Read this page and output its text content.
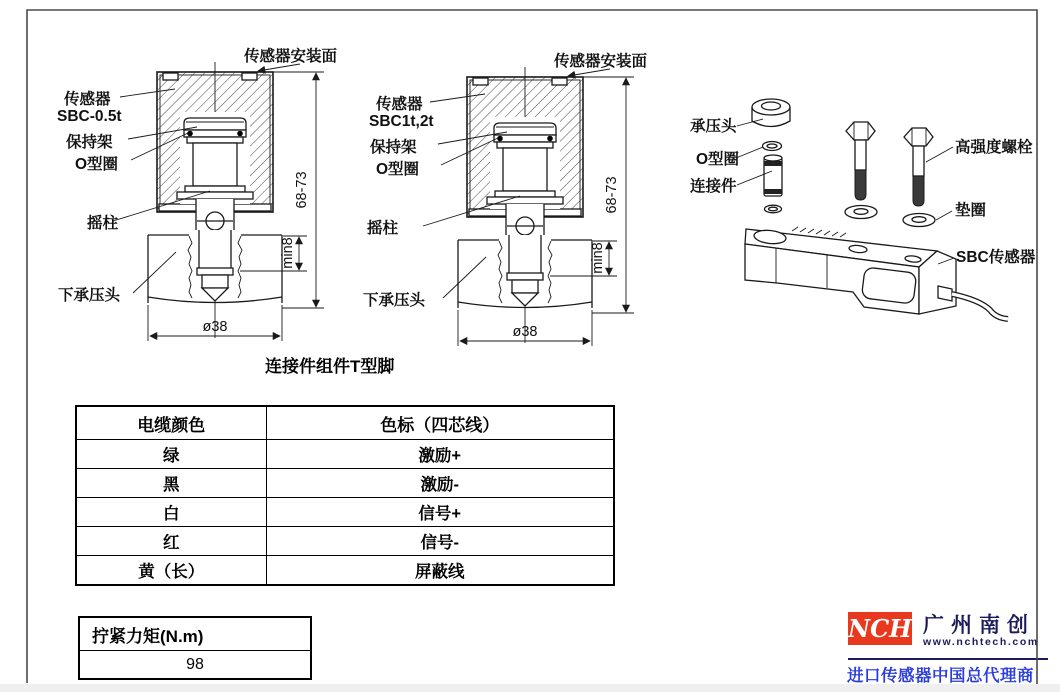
连接件组件T型脚
电缆颜色	色标（四芯线）
绿	激励+
黑	激励-
白	信号+
红	信号-
黄（长）	屏蔽线
拧紧力矩(N.m)
98
NCH 广州南创
www.nchtech.com
进口传感器中国总代理商
68-73
min8
ø38
传感器安装面
传感器
SBC-0.5t
保持架
O型圈
摇柱
下承压头
68-73
min8
ø38
传感器安装面
传感器
SBC1t,2t
保持架
O型圈
摇柱
下承压头
承压头
O型圈
连接件
高强度螺栓
垫圈
SBC传感器
